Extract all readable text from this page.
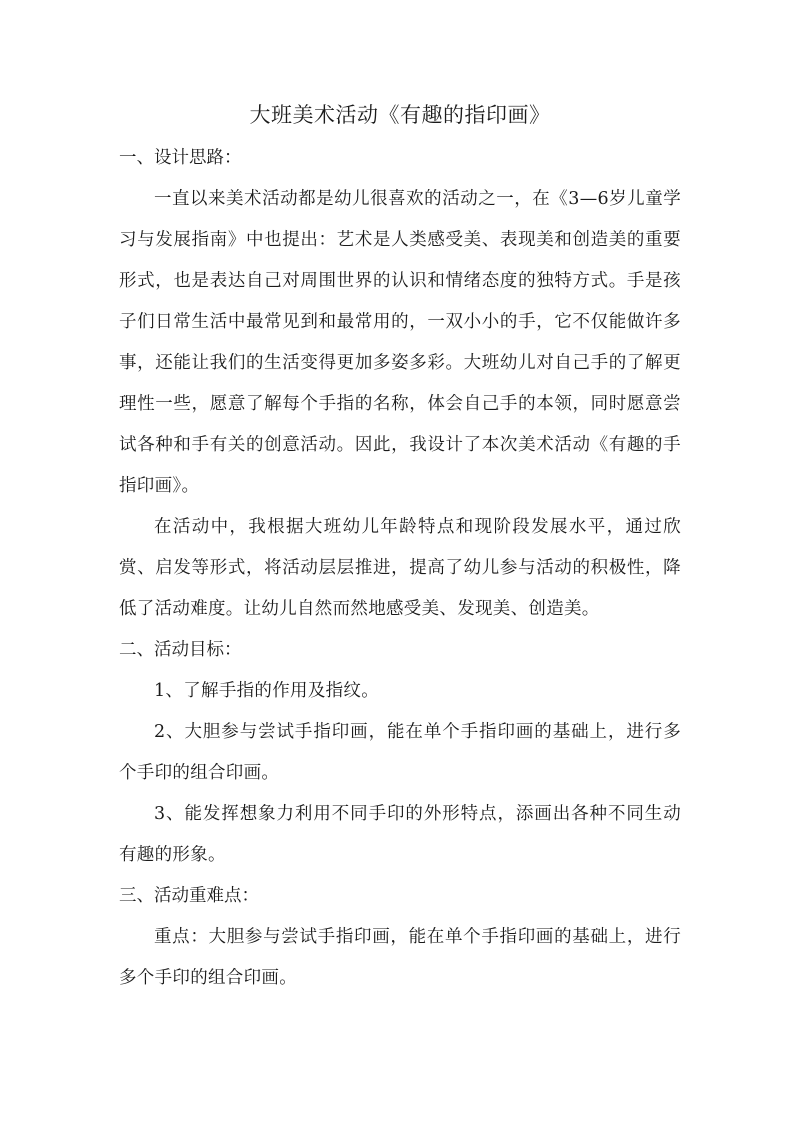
大班美术活动《有趣的指印画》

一、设计思路：

一直以来美术活动都是幼儿很喜欢的活动之一，在《3—6岁儿童学习与发展指南》中也提出：艺术是人类感受美、表现美和创造美的重要形式，也是表达自己对周围世界的认识和情绪态度的独特方式。手是孩子们日常生活中最常见到和最常用的，一双小小的手，它不仅能做许多事，还能让我们的生活变得更加多姿多彩。大班幼儿对自己手的了解更理性一些，愿意了解每个手指的名称，体会自己手的本领，同时愿意尝试各种和手有关的创意活动。因此，我设计了本次美术活动《有趣的手指印画》。

在活动中，我根据大班幼儿年龄特点和现阶段发展水平，通过欣赏、启发等形式，将活动层层推进，提高了幼儿参与活动的积极性，降低了活动难度。让幼儿自然而然地感受美、发现美、创造美。

二、活动目标：

1、了解手指的作用及指纹。

2、大胆参与尝试手指印画，能在单个手指印画的基础上，进行多个手印的组合印画。

3、能发挥想象力利用不同手印的外形特点，添画出各种不同生动有趣的形象。

三、活动重难点：

重点：大胆参与尝试手指印画，能在单个手指印画的基础上，进行多个手印的组合印画。
